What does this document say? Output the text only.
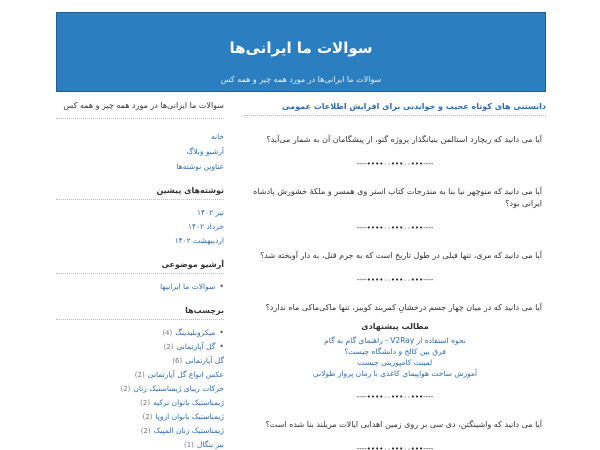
سوالات ما ایرانی‌ها
سوالات ما ایرانی‌ها در مورد همه چیز و همه کس
دانستنی های کوتاه عجیب و خواندنی برای افزایش اطلاعات عمومی
آیا می دانید که ریچارد استالمن بنیانگذار پروژه گنو، از پیشگامان آن به شمار می‌آید؟
----••••٠٠•••٠٠•••----
آیا می دانید که منوچهر نیا بنا به مندرجات کتاب استر وی همسر و ملکهٔ خشورش پادشاه ایرانی بود؟
----••••٠٠•••٠٠•••----
آیا می دانید که مری، تنها فیلی در طول تاریخ است که به جرم قتل، به دار آویخته شد؟
----••••٠٠•••٠٠•••----
آیا می دانید که در میان چهار جسم درخشانِ کمربند کوییر، تنها ماکی‌ماکی ماه ندارد؟
مطالب پیشنهادی
نحوه استفاده از V2Ray - راهنمای گام به گام
فرق بین کالج و دانشگاه چیست؟
لمینت کامپوزیتی چیست
آموزش ساخت هواپیمای کاغذی با زمان پرواز طولانی
----••••٠٠•••٠٠•••----
آیا می دانید که واشینگتن، دی سی بر روی زمین اهدایی ایالات مریلند بنا شده است؟
----••••٠٠•••٠٠•••----
سوالات ما ایرانی‌ها در مورد همه چیز و همه کس
خانه
آرشیو وبلاگ
عناوین نوشته‌ها
نوشته‌های پیشین
تیر ۱۴۰۲
خرداد ۱۴۰۲
اردیبهشت ۱۴۰۲
آرشیو موضوعی
• سوالات ما ایرانیها
برچسب‌ها
• میکروبلیدینگ(4)
• گل آپارتمانی(2)
گل آپارتمانی(6)
عکس انواع گل آپارتمانی(2)
حرکات زیبای ژیمناستیک زنان(2)
ژیمناستیک بانوان ترکیه(2)
ژیمناستیک بانوان اروپا(2)
ژیمناستیک زنان المپیک(2)
ببر بنگال(1)
